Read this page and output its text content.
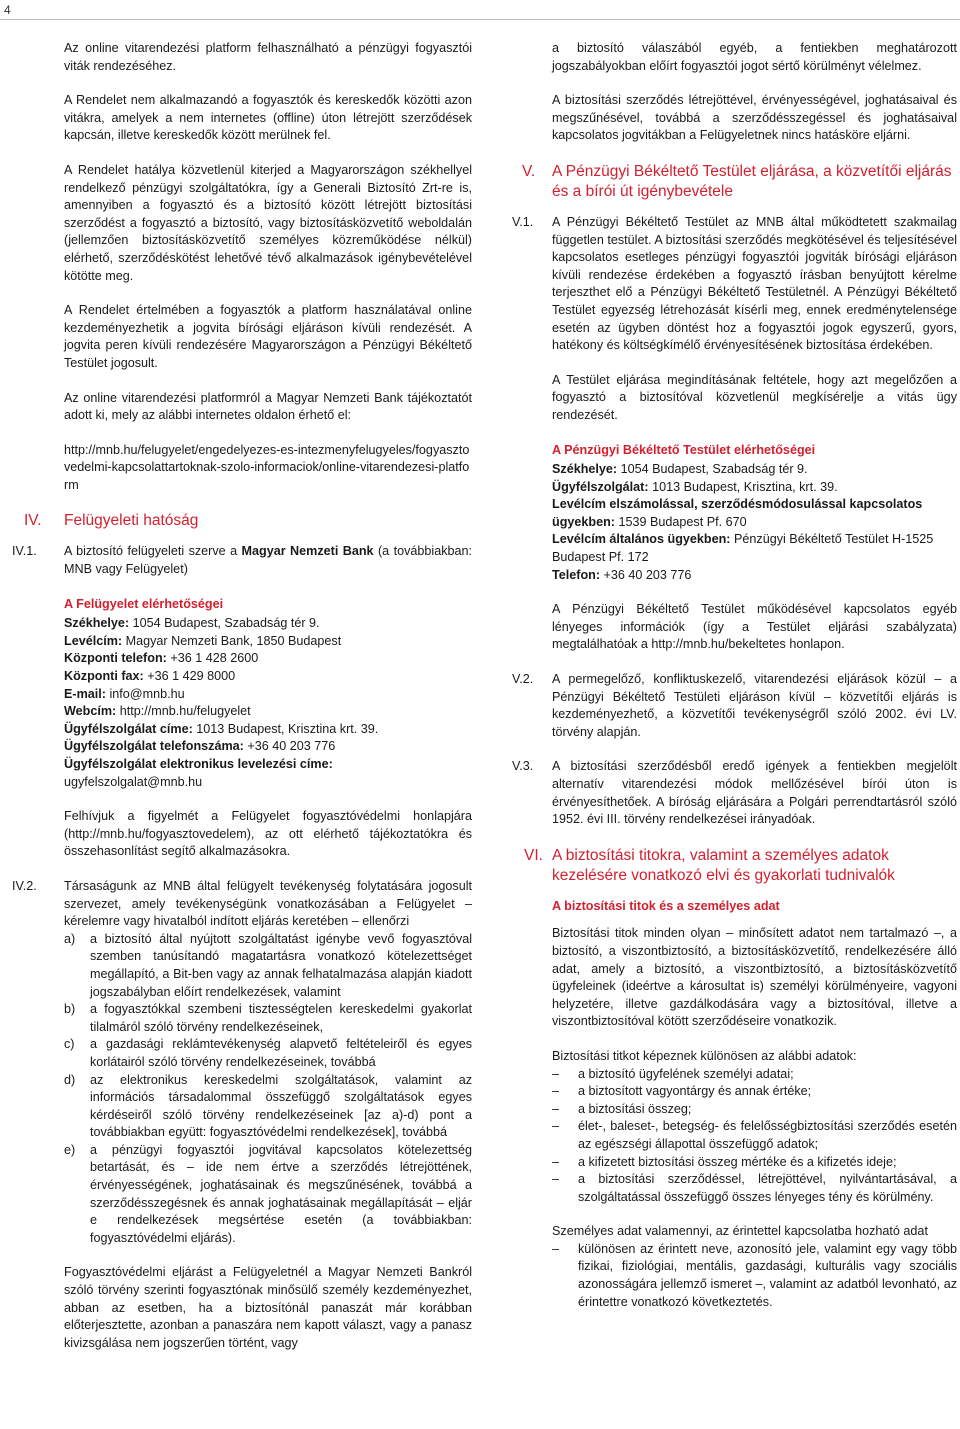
4

Az online vitarendezési platform felhasználható a pénzügyi fogyasztói viták rendezéséhez.

A Rendelet nem alkalmazandó a fogyasztók és kereskedők közötti azon vitákra, amelyek a nem internetes (offline) úton létrejött szerződések kapcsán, illetve kereskedők között merülnek fel.

A Rendelet hatálya közvetlenül kiterjed a Magyarországon székhellyel rendelkező pénzügyi szolgáltatókra, így a Generali Biztosító Zrt-re is, amennyiben a fogyasztó és a biztosító között létrejött biztosítási szerződést a fogyasztó a biztosító, vagy biztosításközvetítő weboldalán (jellemzően biztosításközvetítő személyes közreműködése nélkül) elérhető, szerződéskötést lehetővé tévő alkalmazások igénybevételével kötötte meg.

A Rendelet értelmében a fogyasztók a platform használatával online kezdeményezhetik a jogvita bírósági eljáráson kívüli rendezését. A jogvita peren kívüli rendezésére Magyarországon a Pénzügyi Békéltető Testület jogosult.

Az online vitarendezési platformról a Magyar Nemzeti Bank tájékoztatót adott ki, mely az alábbi internetes oldalon érhető el:

http://mnb.hu/felugyelet/engedelyezes-es-intezmenyfelugyeles/fogyasztovedelmi-kapcsolattartoknak-szolo-informaciok/online-vitarendezesi-platform

IV. Felügyeleti hatóság

IV.1. A biztosító felügyeleti szerve a Magyar Nemzeti Bank (a továbbiakban: MNB vagy Felügyelet)

A Felügyelet elérhetőségei
Székhelye: 1054 Budapest, Szabadság tér 9.
Levélcím: Magyar Nemzeti Bank, 1850 Budapest
Központi telefon: +36 1 428 2600
Központi fax: +36 1 429 8000
E-mail: info@mnb.hu
Webcím: http://mnb.hu/felugyelet
Ügyfélszolgálat címe: 1013 Budapest, Krisztina krt. 39.
Ügyfélszolgálat telefonszáma: +36 40 203 776
Ügyfélszolgálat elektronikus levelezési címe: ugyfelszolgalat@mnb.hu

Felhívjuk a figyelmét a Felügyelet fogyasztóvédelmi honlapjára (http://mnb.hu/fogyasztovedelem), az ott elérhető tájékoztatókra és összehasonlítást segítő alkalmazásokra.

IV.2. Társaságunk az MNB által felügyelt tevékenység folytatására jogosult szervezet, amely tevékenységünk vonatkozásában a Felügyelet – kérelemre vagy hivatalból indított eljárás keretében – ellenőrzi

a) a biztosító által nyújtott szolgáltatást igénybe vevő fogyasztóval szemben tanúsítandó magatartásra vonatkozó kötelezettséget megállapító, a Bit-ben vagy az annak felhatalmazása alapján kiadott jogszabályban előírt rendelkezések, valamint
b) a fogyasztókkal szembeni tisztességtelen kereskedelmi gyakorlat tilalmáról szóló törvény rendelkezéseinek,
c) a gazdasági reklámtevékenység alapvető feltételeiről és egyes korlátairól szóló törvény rendelkezéseinek, továbbá
d) az elektronikus kereskedelmi szolgáltatások, valamint az információs társadalommal összefüggő szolgáltatások egyes kérdéseiről szóló törvény rendelkezéseinek [az a)-d) pont a továbbiakban együtt: fogyasztóvédelmi rendelkezések], továbbá
e) a pénzügyi fogyasztói jogvitával kapcsolatos kötelezettség betartását, és – ide nem értve a szerződés létrejöttének, érvényességének, joghatásainak és megszűnésének, továbbá a szerződésszegésnek és annak joghatásainak megállapítását – eljár e rendelkezések megsértése esetén (a továbbiakban: fogyasztóvédelmi eljárás).

Fogyasztóvédelmi eljárást a Felügyeletnél a Magyar Nemzeti Bankról szóló törvény szerinti fogyasztónak minősülő személy kezdeményezhet, abban az esetben, ha a biztosítónál panaszát már korábban előterjesztette, azonban a panaszára nem kapott választ, vagy a panasz kivizsgálása nem jogszerűen történt, vagy

a biztosító válaszából egyéb, a fentiekben meghatározott jogszabályokban előírt fogyasztói jogot sértő körülményt vélelmez.

A biztosítási szerződés létrejöttével, érvényességével, joghatásaival és megszűnésével, továbbá a szerződésszegéssel és joghatásaival kapcsolatos jogvitákban a Felügyeletnek nincs hatásköre eljárni.

V. A Pénzügyi Békéltető Testület eljárása, a közvetítői eljárás és a bírói út igénybevétele

V.1. A Pénzügyi Békéltető Testület az MNB által működtetett szakmailag független testület. A biztosítási szerződés megkötésével és teljesítésével kapcsolatos esetleges pénzügyi fogyasztói jogviták bírósági eljáráson kívüli rendezése érdekében a fogyasztó írásban benyújtott kérelme terjeszthet elő a Pénzügyi Békéltető Testületnél. A Pénzügyi Békéltető Testület egyezség létrehozását kísérli meg, ennek eredménytelensége esetén az ügyben döntést hoz a fogyasztói jogok egyszerű, gyors, hatékony és költségkímélő érvényesítésének biztosítása érdekében.

A Testület eljárása megindításának feltétele, hogy azt megelőzően a fogyasztó a biztosítóval közvetlenül megkísérelje a vitás ügy rendezését.

A Pénzügyi Békéltető Testület elérhetőségei
Székhelye: 1054 Budapest, Szabadság tér 9.
Ügyfélszolgálat: 1013 Budapest, Krisztina, krt. 39.
Levélcím elszámolással, szerződésmódosulással kapcsolatos ügyekben: 1539 Budapest Pf. 670
Levélcím általános ügyekben: Pénzügyi Békéltető Testület H-1525 Budapest Pf. 172
Telefon: +36 40 203 776

A Pénzügyi Békéltető Testület működésével kapcsolatos egyéb lényeges információk (így a Testület eljárási szabályzata) megtalálhatóak a http://mnb.hu/bekeltetes honlapon.

V.2. A permegelőző, konfliktuskezelő, vitarendezési eljárások közül – a Pénzügyi Békéltető Testületi eljáráson kívül – közvetítői eljárás is kezdeményezhető, a közvetítői tevékenységről szóló 2002. évi LV. törvény alapján.

V.3. A biztosítási szerződésből eredő igények a fentiekben megjelölt alternatív vitarendezési módok mellőzésével bírói úton is érvényesíthetőek. A bíróság eljárására a Polgári perrendtartásról szóló 1952. évi III. törvény rendelkezései irányadóak.

VI. A biztosítási titokra, valamint a személyes adatok kezelésére vonatkozó elvi és gyakorlati tudnivalók
A biztosítási titok és a személyes adat

Biztosítási titok minden olyan – minősített adatot nem tartalmazó –, a biztosító, a viszontbiztosító, a biztosításközvetítő, rendelkezésére álló adat, amely a biztosító, a viszontbiztosító, a biztosításközvetítő ügyfeleinek (ideértve a károsultat is) személyi körülményeire, vagyoni helyzetére, illetve gazdálkodására vagy a biztosítóval, illetve a viszontbiztosítóval kötött szerződéseire vonatkozik.

Biztosítási titkot képeznek különösen az alábbi adatok:

– a biztosító ügyfelének személyi adatai;
– a biztosított vagyontárgy és annak értéke;
– a biztosítási összeg;
– élet-, baleset-, betegség- és felelősségbiztosítási szerződés esetén az egészségi állapottal összefüggő adatok;
– a kifizetett biztosítási összeg mértéke és a kifizetés ideje;
– a biztosítási szerződéssel, létrejöttével, nyilvántartásával, a szolgáltatással összefüggő összes lényeges tény és körülmény.

Személyes adat valamennyi, az érintettel kapcsolatba hozható adat

– különösen az érintett neve, azonosító jele, valamint egy vagy több fizikai, fiziológiai, mentális, gazdasági, kulturális vagy szociális azonosságára jellemző ismeret –, valamint az adatból levonható, az érintettre vonatkozó következtetés.
